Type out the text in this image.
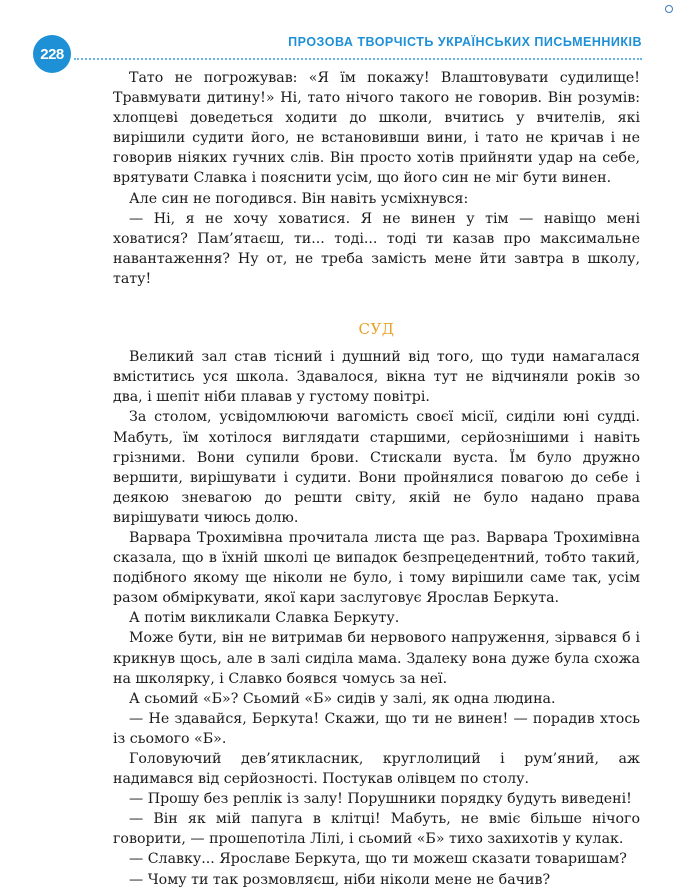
228
ПРОЗОВА ТВОРЧІСТЬ УКРАЇНСЬКИХ ПИСЬМЕННИКІВ

Тато не погрожував: «Я їм покажу! Влаштовувати судилище! Травмувати дитину!» Ні, тато нічого такого не говорив. Він розумів: хлопцеві доведеться ходити до школи, вчитись у вчителів, які вирішили судити його, не встановивши вини, і тато не кричав і не говорив ніяких гучних слів. Він просто хотів прийняти удар на себе, врятувати Славка і пояснити усім, що його син не міг бути винен.

Але син не погодився. Він навіть усміхнувся:

— Ні, я не хочу ховатися. Я не винен у тім — навіщо мені ховатися? Пам’ятаєш, ти... тоді... тоді ти казав про максимальне навантаження? Ну от, не треба замість мене йти завтра в школу, тату!

СУД

Великий зал став тісний і душний від того, що туди намагалася вміститись уся школа. Здавалося, вікна тут не відчиняли років зо два, і шепіт ніби плавав у густому повітрі.

За столом, усвідомлюючи вагомість своєї місії, сиділи юні судді. Мабуть, їм хотілося виглядати старшими, серйознішими і навіть грізними. Вони супили брови. Стискали вуста. Їм було дружно вершити, вирішувати і судити. Вони пройнялися повагою до себе і деякою зневагою до решти світу, якій не було надано права вирішувати чиюсь долю.

Варвара Трохимівна прочитала листа ще раз. Варвара Трохимівна сказала, що в їхній школі це випадок безпрецедентний, тобто такий, подібного якому ще ніколи не було, і тому вирішили саме так, усім разом обміркувати, якої кари заслуговує Ярослав Беркута.

А потім викликали Славка Беркуту.

Може бути, він не витримав би нервового напруження, зірвався б і крикнув щось, але в залі сиділа мама. Здалеку вона дуже була схожа на школярку, і Славко боявся чомусь за неї.

А сьомий «Б»? Сьомий «Б» сидів у залі, як одна людина.

— Не здавайся, Беркута! Скажи, що ти не винен! — порадив хтось із сьомого «Б».

Головуючий дев’ятикласник, круглолиций і рум’яний, аж надимався від серйозності. Постукав олівцем по столу.

— Прошу без реплік із залу! Порушники порядку будуть виведені!

— Він як мій папуга в клітці! Мабуть, не вміє більше нічого говорити, — прошепотіла Лілі, і сьомий «Б» тихо захихотів у кулак.

— Славку... Ярославе Беркута, що ти можеш сказати товаришам?

— Чому ти так розмовляєш, ніби ніколи мене не бачив?
